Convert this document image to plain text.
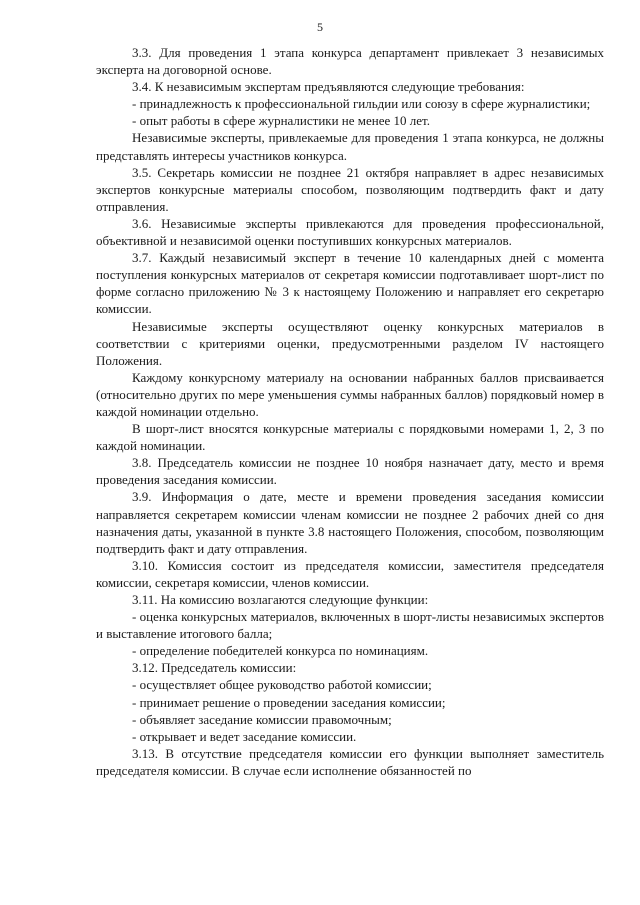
5

3.3. Для проведения 1 этапа конкурса департамент привлекает 3 независимых эксперта на договорной основе.

3.4. К независимым экспертам предъявляются следующие требования:

- принадлежность к профессиональной гильдии или союзу в сфере журналистики;

- опыт работы в сфере журналистики не менее 10 лет.

Независимые эксперты, привлекаемые для проведения 1 этапа конкурса, не должны представлять интересы участников конкурса.

3.5. Секретарь комиссии не позднее 21 октября направляет в адрес независимых экспертов конкурсные материалы способом, позволяющим подтвердить факт и дату отправления.

3.6. Независимые эксперты привлекаются для проведения профессиональной, объективной и независимой оценки поступивших конкурсных материалов.

3.7. Каждый независимый эксперт в течение 10 календарных дней с момента поступления конкурсных материалов от секретаря комиссии подготавливает шорт-лист по форме согласно приложению № 3 к настоящему Положению и направляет его секретарю комиссии.

Независимые эксперты осуществляют оценку конкурсных материалов в соответствии с критериями оценки, предусмотренными разделом IV настоящего Положения.

Каждому конкурсному материалу на основании набранных баллов присваивается (относительно других по мере уменьшения суммы набранных баллов) порядковый номер в каждой номинации отдельно.

В шорт-лист вносятся конкурсные материалы с порядковыми номерами 1, 2, 3 по каждой номинации.

3.8. Председатель комиссии не позднее 10 ноября назначает дату, место и время проведения заседания комиссии.

3.9. Информация о дате, месте и времени проведения заседания комиссии направляется секретарем комиссии членам комиссии не позднее 2 рабочих дней со дня назначения даты, указанной в пункте 3.8 настоящего Положения, способом, позволяющим подтвердить факт и дату отправления.

3.10. Комиссия состоит из председателя комиссии, заместителя председателя комиссии, секретаря комиссии, членов комиссии.

3.11. На комиссию возлагаются следующие функции:

- оценка конкурсных материалов, включенных в шорт-листы независимых экспертов и выставление итогового балла;

- определение победителей конкурса по номинациям.

3.12. Председатель комиссии:

- осуществляет общее руководство работой комиссии;

- принимает решение о проведении заседания комиссии;

- объявляет заседание комиссии правомочным;

- открывает и ведет заседание комиссии.

3.13. В отсутствие председателя комиссии его функции выполняет заместитель председателя комиссии. В случае если исполнение обязанностей по
